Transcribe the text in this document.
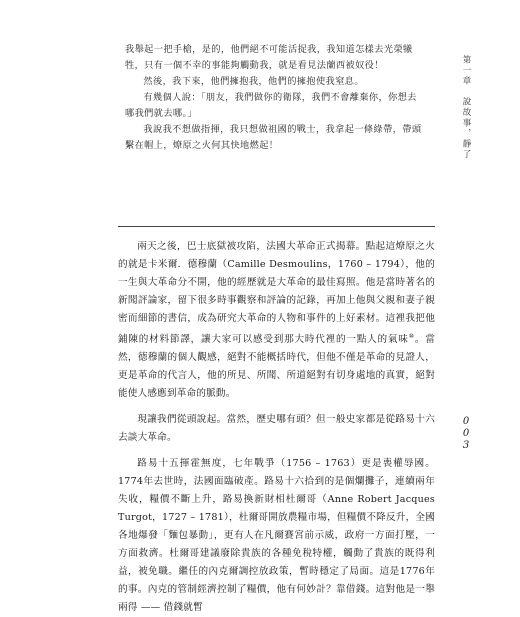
我舉起一把手槍，是的，他們絕不可能活捉我，我知道怎樣去光榮犧牲，只有一個不幸的事能夠觸動我，就是看見法蘭西被奴役！

然後，我下來，他們擁抱我，他們的擁抱使我窒息。

有幾個人說：「朋友，我們做你的衛隊，我們不會離棄你，你想去哪我們就去哪。」

我說我不想做指揮，我只想做祖國的戰士，我拿起一條綠帶，帶頭繫在帽上，燎原之火何其快地燃起！

兩天之後，巴士底獄被攻陷，法國大革命正式揭幕。點起這燎原之火的就是卡米爾．德穆蘭（Camille Desmoulins，1760 – 1794），他的一生與大革命分不開，他的經歷就是大革命的最佳寫照。他是當時著名的新聞評論家，留下很多時事觀察和評論的記錄，再加上他與父親和妻子親密而細節的書信，成為研究大革命的人物和事件的上好素材。這裡我把他鋪陳的材料節譯，讓大家可以感受到那大時代裡的一點人的氣味⑩。當然，德穆蘭的個人觀感，絕對不能概括時代，但他不僅是革命的見證人，更是革命的代言人，他的所見、所聞、所道絕對有切身處地的真實，絕對能使人感應到革命的脈動。

現讓我們從頭說起。當然，歷史哪有頭？但一般史家都是從路易十六去談大革命。

路易十五揮霍無度，七年戰爭（1756 – 1763）更是喪權辱國。1774年去世時，法國面臨破產。路易十六拾到的是個爛攤子，連續兩年失收，糧價不斷上升，路易換新財相杜爾哥（Anne Robert Jacques Turgot，1727 – 1781），杜爾哥開放農糧市場，但糧價不降反升，全國各地爆發「麵包暴動」，更有人在凡爾賽宮前示威，政府一方面打壓，一方面救濟。杜爾哥建議廢除貴族的各種免稅特權，觸動了貴族的既得利益，被免職。繼任的內克爾調控放政策，暫時穩定了局面。這是1776年的事。內克的管制經濟控制了糧價，他有何妙計？靠借錢。這對他是一舉兩得 —— 借錢就暫

第一章　說故事，靜了
0
0
3
